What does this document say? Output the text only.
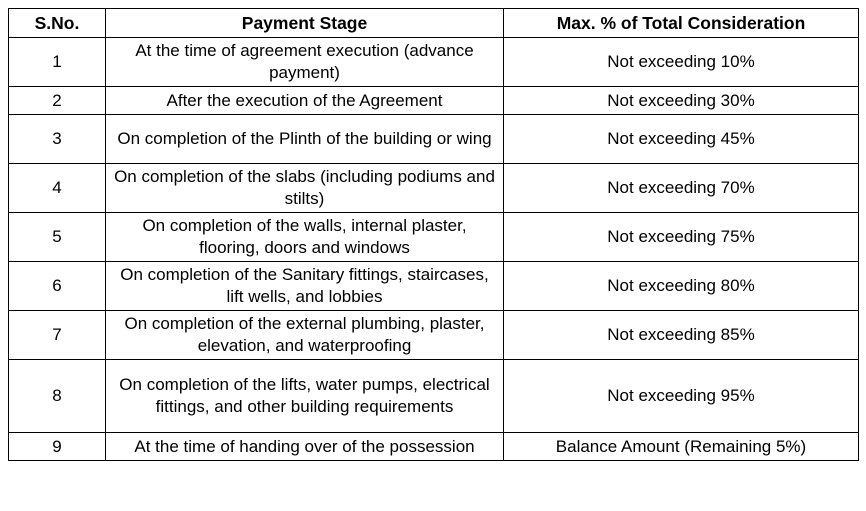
S.No.	Payment Stage	Max. % of Total Consideration
1	At the time of agreement execution (advance payment)	Not exceeding 10%
2	After the execution of the Agreement	Not exceeding 30%
3	On completion of the Plinth of the building or wing	Not exceeding 45%
4	On completion of the slabs (including podiums and stilts)	Not exceeding 70%
5	On completion of the walls, internal plaster, flooring, doors and windows	Not exceeding 75%
6	On completion of the Sanitary fittings, staircases, lift wells, and lobbies	Not exceeding 80%
7	On completion of the external plumbing, plaster, elevation, and waterproofing	Not exceeding 85%
8	On completion of the lifts, water pumps, electrical fittings, and other building requirements	Not exceeding 95%
9	At the time of handing over of the possession	Balance Amount (Remaining 5%)
